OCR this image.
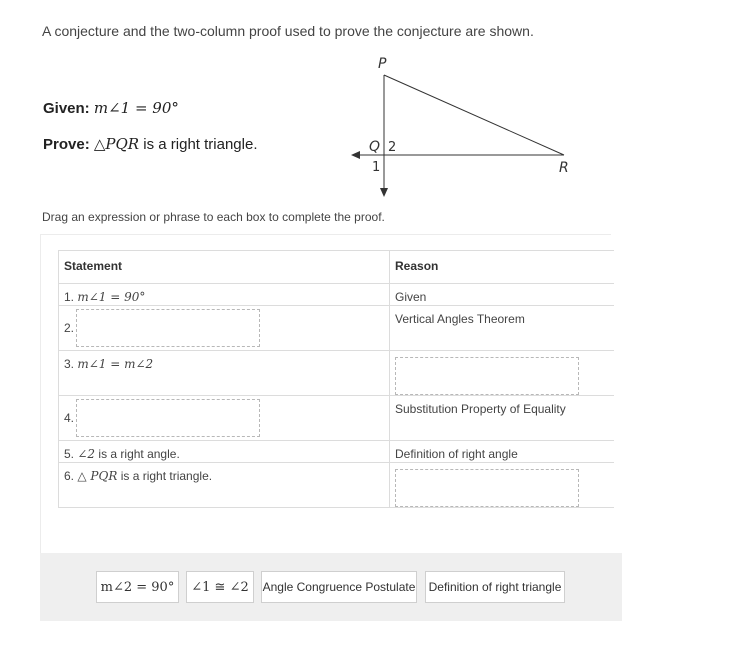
A conjecture and the two-column proof used to prove the conjecture are shown.
Given: m∠1 = 90°
Prove: △PQR is a right triangle.
P
Q 2
1	R
Drag an expression or phrase to each box to complete the proof.
Statement	Reason
1. m∠1 = 90°	Given
2.	Vertical Angles Theorem
3. m∠1 = m∠2	
4.	Substitution Property of Equality
5. ∠2 is a right angle.	Definition of right angle
6. △ PQR is a right triangle.	
m∠2 = 90°	∠1 ≅ ∠2	Angle Congruence Postulate	Definition of right triangle
